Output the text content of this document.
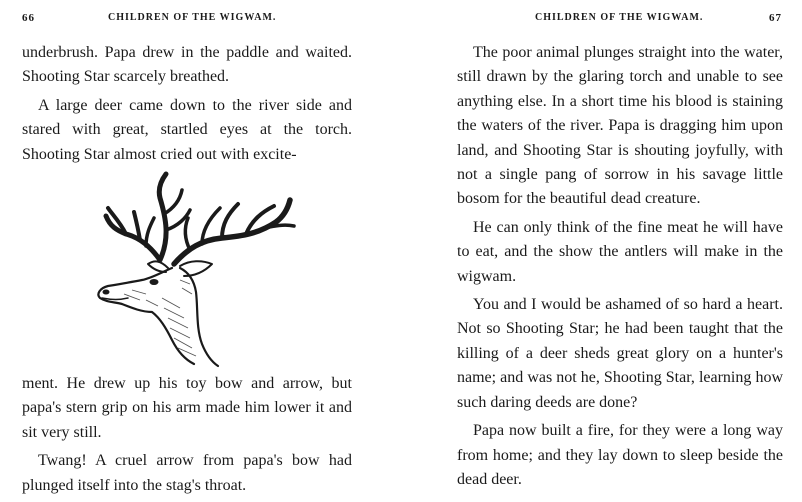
66	CHILDREN OF THE WIGWAM.

underbrush. Papa drew in the paddle and waited. Shooting Star scarcely breathed.

A large deer came down to the river side and stared with great, startled eyes at the torch. Shooting Star almost cried out with excite-

ment. He drew up his toy bow and arrow, but papa's stern grip on his arm made him lower it and sit very still.

Twang! A cruel arrow from papa's bow had plunged itself into the stag's throat.

CHILDREN OF THE WIGWAM.	67

The poor animal plunges straight into the water, still drawn by the glaring torch and unable to see anything else. In a short time his blood is staining the waters of the river. Papa is dragging him upon land, and Shooting Star is shouting joyfully, with not a single pang of sorrow in his savage little bosom for the beautiful dead creature.

He can only think of the fine meat he will have to eat, and the show the antlers will make in the wigwam.

You and I would be ashamed of so hard a heart. Not so Shooting Star; he had been taught that the killing of a deer sheds great glory on a hunter's name; and was not he, Shooting Star, learning how such daring deeds are done?

Papa now built a fire, for they were a long way from home; and they lay down to sleep beside the dead deer.
